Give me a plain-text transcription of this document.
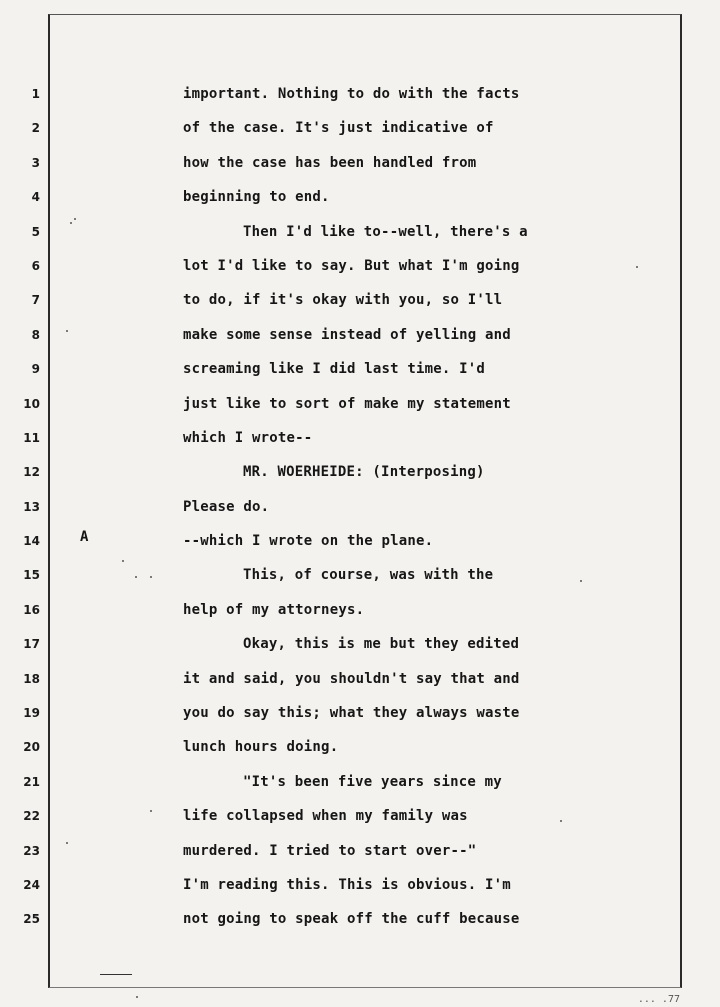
1
2
3
4
5
6
7
8
9
10
11
12
13
14
15
16
17
18
19
20
21
22
23
24
25
A
important. Nothing to do with the facts
of the case. It's just indicative of
how the case has been handled from
beginning to end.
Then I'd like to--well, there's a
lot I'd like to say. But what I'm going
to do, if it's okay with you, so I'll
make some sense instead of yelling and
screaming like I did last time. I'd
just like to sort of make my statement
which I wrote--
MR. WOERHEIDE: (Interposing)
Please do.
--which I wrote on the plane.
This, of course, was with the
help of my attorneys.
Okay, this is me but they edited
it and said, you shouldn't say that and
you do say this; what they always waste
lunch hours doing.
"It's been five years since my
life collapsed when my family was
murdered. I tried to start over--"
I'm reading this. This is obvious. I'm
not going to speak off the cuff because
... .77
